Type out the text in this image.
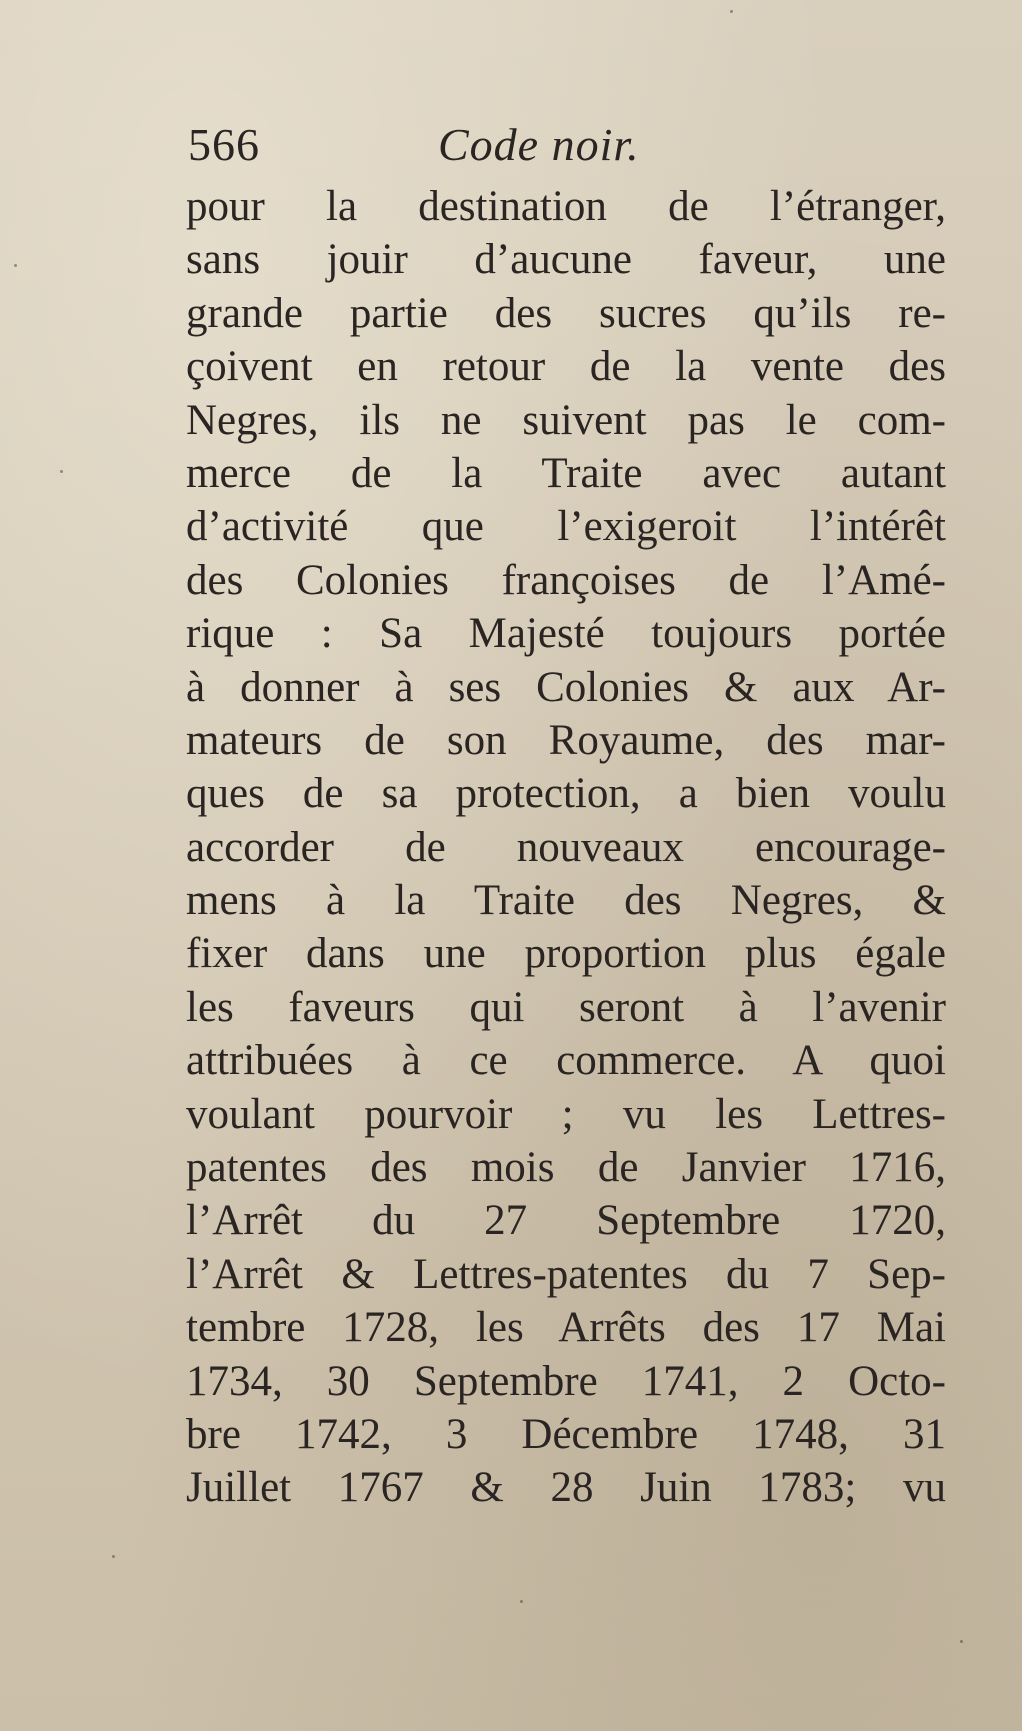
566	Code noir.
pour la destination de l’étranger,
sans jouir d’aucune faveur, une
grande partie des sucres qu’ils re-
çoivent en retour de la vente des
Negres, ils ne suivent pas le com-
merce de la Traite avec autant
d’activité que l’exigeroit l’intérêt
des Colonies françoises de l’Amé-
rique : Sa Majesté toujours portée
à donner à ses Colonies & aux Ar-
mateurs de son Royaume, des mar-
ques de sa protection, a bien voulu
accorder de nouveaux encourage-
mens à la Traite des Negres, &
fixer dans une proportion plus égale
les faveurs qui seront à l’avenir
attribuées à ce commerce. A quoi
voulant pourvoir ; vu les Lettres-
patentes des mois de Janvier 1716,
l’Arrêt du 27 Septembre 1720,
l’Arrêt & Lettres-patentes du 7 Sep-
tembre 1728, les Arrêts des 17 Mai
1734, 30 Septembre 1741, 2 Octo-
bre 1742, 3 Décembre 1748, 31
Juillet 1767 & 28 Juin 1783; vu
